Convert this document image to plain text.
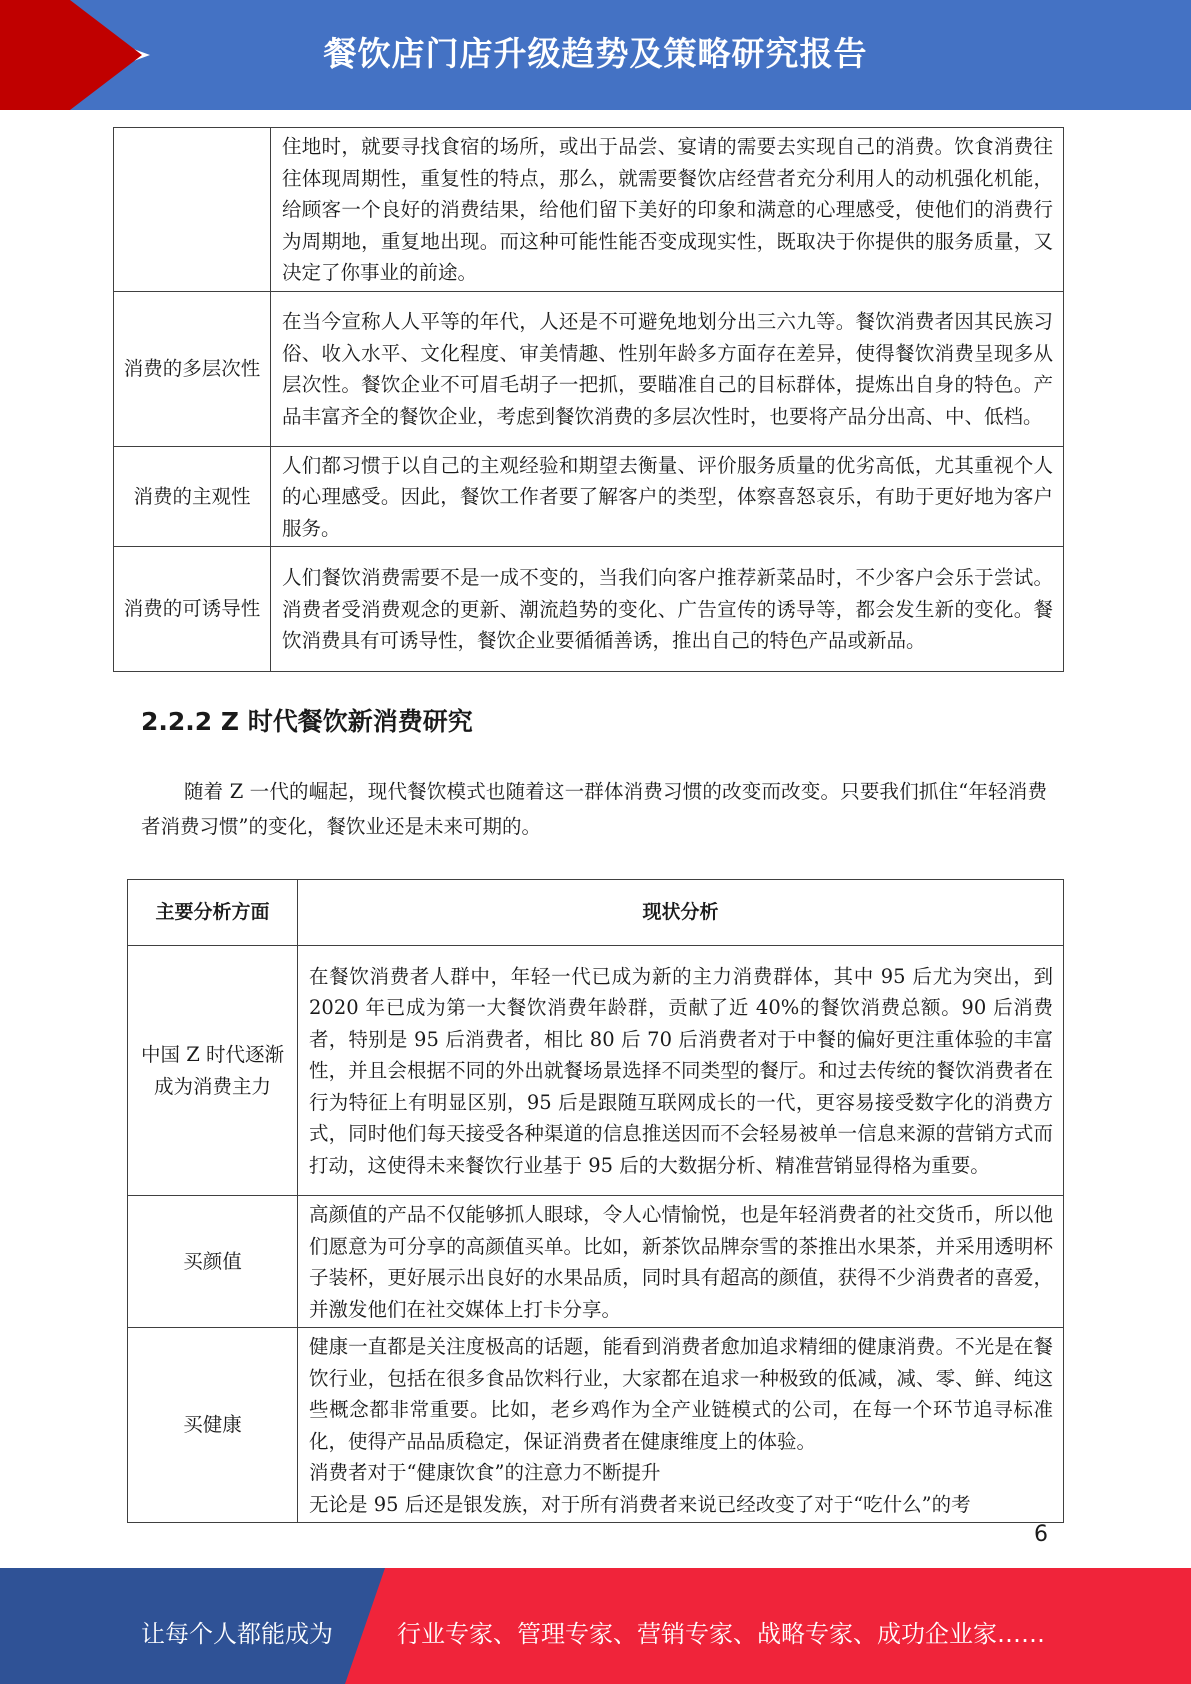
餐饮店门店升级趋势及策略研究报告
	住地时，就要寻找食宿的场所，或出于品尝、宴请的需要去实现自己的消费。饮食消费往往体现周期性，重复性的特点，那么，就需要餐饮店经营者充分利用人的动机强化机能，给顾客一个良好的消费结果，给他们留下美好的印象和满意的心理感受，使他们的消费行为周期地，重复地出现。而这种可能性能否变成现实性，既取决于你提供的服务质量，又决定了你事业的前途。
消费的多层次性	在当今宣称人人平等的年代，人还是不可避免地划分出三六九等。餐饮消费者因其民族习俗、收入水平、文化程度、审美情趣、性别年龄多方面存在差异，使得餐饮消费呈现多从层次性。餐饮企业不可眉毛胡子一把抓，要瞄准自己的目标群体，提炼出自身的特色。产品丰富齐全的餐饮企业，考虑到餐饮消费的多层次性时，也要将产品分出高、中、低档。
消费的主观性	人们都习惯于以自己的主观经验和期望去衡量、评价服务质量的优劣高低，尤其重视个人的心理感受。因此，餐饮工作者要了解客户的类型，体察喜怒哀乐，有助于更好地为客户服务。
消费的可诱导性	人们餐饮消费需要不是一成不变的，当我们向客户推荐新菜品时，不少客户会乐于尝试。消费者受消费观念的更新、潮流趋势的变化、广告宣传的诱导等，都会发生新的变化。餐饮消费具有可诱导性，餐饮企业要循循善诱，推出自己的特色产品或新品。
2.2.2 Z 时代餐饮新消费研究
随着 Z 一代的崛起，现代餐饮模式也随着这一群体消费习惯的改变而改变。只要我们抓住“年轻消费者消费习惯”的变化，餐饮业还是未来可期的。
主要分析方面	现状分析
中国 Z 时代逐渐成为消费主力	在餐饮消费者人群中，年轻一代已成为新的主力消费群体，其中 95 后尤为突出，到 2020 年已成为第一大餐饮消费年龄群，贡献了近 40%的餐饮消费总额。90 后消费者，特别是 95 后消费者，相比 80 后 70 后消费者对于中餐的偏好更注重体验的丰富性，并且会根据不同的外出就餐场景选择不同类型的餐厅。和过去传统的餐饮消费者在行为特征上有明显区别，95 后是跟随互联网成长的一代，更容易接受数字化的消费方式，同时他们每天接受各种渠道的信息推送因而不会轻易被单一信息来源的营销方式而打动，这使得未来餐饮行业基于 95 后的大数据分析、精准营销显得格为重要。
买颜值	高颜值的产品不仅能够抓人眼球，令人心情愉悦，也是年轻消费者的社交货币，所以他们愿意为可分享的高颜值买单。比如，新茶饮品牌奈雪的茶推出水果茶，并采用透明杯子装杯，更好展示出良好的水果品质，同时具有超高的颜值，获得不少消费者的喜爱，并激发他们在社交媒体上打卡分享。
买健康	健康一直都是关注度极高的话题，能看到消费者愈加追求精细的健康消费。不光是在餐饮行业，包括在很多食品饮料行业，大家都在追求一种极致的低减，减、零、鲜、纯这些概念都非常重要。比如，老乡鸡作为全产业链模式的公司，在每一个环节追寻标准化，使得产品品质稳定，保证消费者在健康维度上的体验。
消费者对于“健康饮食”的注意力不断提升
无论是 95 后还是银发族，对于所有消费者来说已经改变了对于“吃什么”的考
6
让每个人都能成为	行业专家、管理专家、营销专家、战略专家、成功企业家……
